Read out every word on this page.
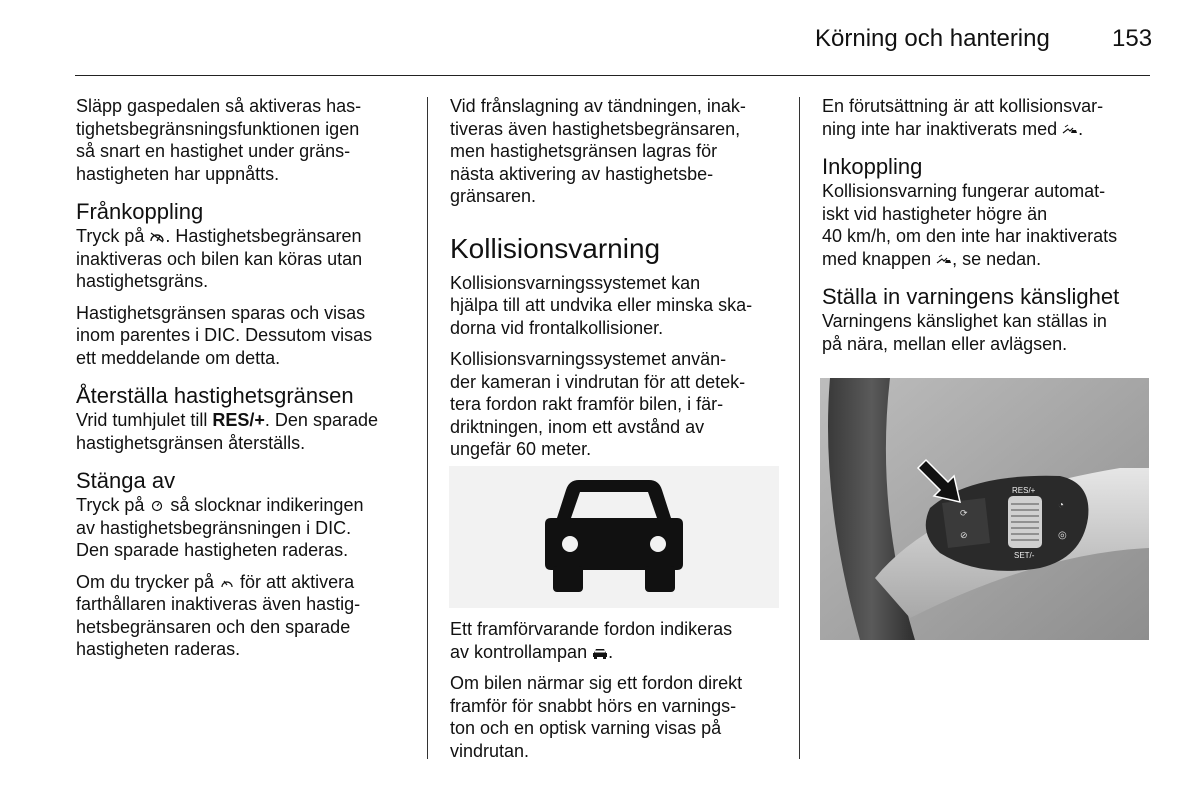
Körning och hantering	153
Släpp gaspedalen så aktiveras has-
tighetsbegränsningsfunktionen igen
så snart en hastighet under gräns-
hastigheten har uppnåtts.
Frånkoppling
Tryck på . Hastighetsbegränsaren
inaktiveras och bilen kan köras utan
hastighetsgräns.
Hastighetsgränsen sparas och visas
inom parentes i DIC. Dessutom visas
ett meddelande om detta.
Återställa hastighetsgränsen
Vrid tumhjulet till RES/+. Den sparade
hastighetsgränsen återställs.
Stänga av
Tryck på  så slocknar indikeringen
av hastighetsbegränsningen i DIC.
Den sparade hastigheten raderas.
Om du trycker på  för att aktivera
farthållaren inaktiveras även hastig-
hetsbegränsaren och den sparade
hastigheten raderas.
Vid frånslagning av tändningen, inak-
tiveras även hastighetsbegränsaren,
men hastighetsgränsen lagras för
nästa aktivering av hastighetsbe-
gränsaren.
Kollisionsvarning
Kollisionsvarningssystemet kan
hjälpa till att undvika eller minska ska-
dorna vid frontalkollisioner.
Kollisionsvarningssystemet använ-
der kameran i vindrutan för att detek-
tera fordon rakt framför bilen, i fär-
driktningen, inom ett avstånd av
ungefär 60 meter.
Ett framförvarande fordon indikeras
av kontrollampan .
Om bilen närmar sig ett fordon direkt
framför för snabbt hörs en varnings-
ton och en optisk varning visas på
vindrutan.
En förutsättning är att kollisionsvar-
ning inte har inaktiverats med .
Inkoppling
Kollisionsvarning fungerar automat-
iskt vid hastigheter högre än
40 km/h, om den inte har inaktiverats
med knappen , se nedan.
Ställa in varningens känslighet
Varningens känslighet kan ställas in
på nära, mellan eller avlägsen.
⟳
⊘
RES/+
SET/-
◔
◎
